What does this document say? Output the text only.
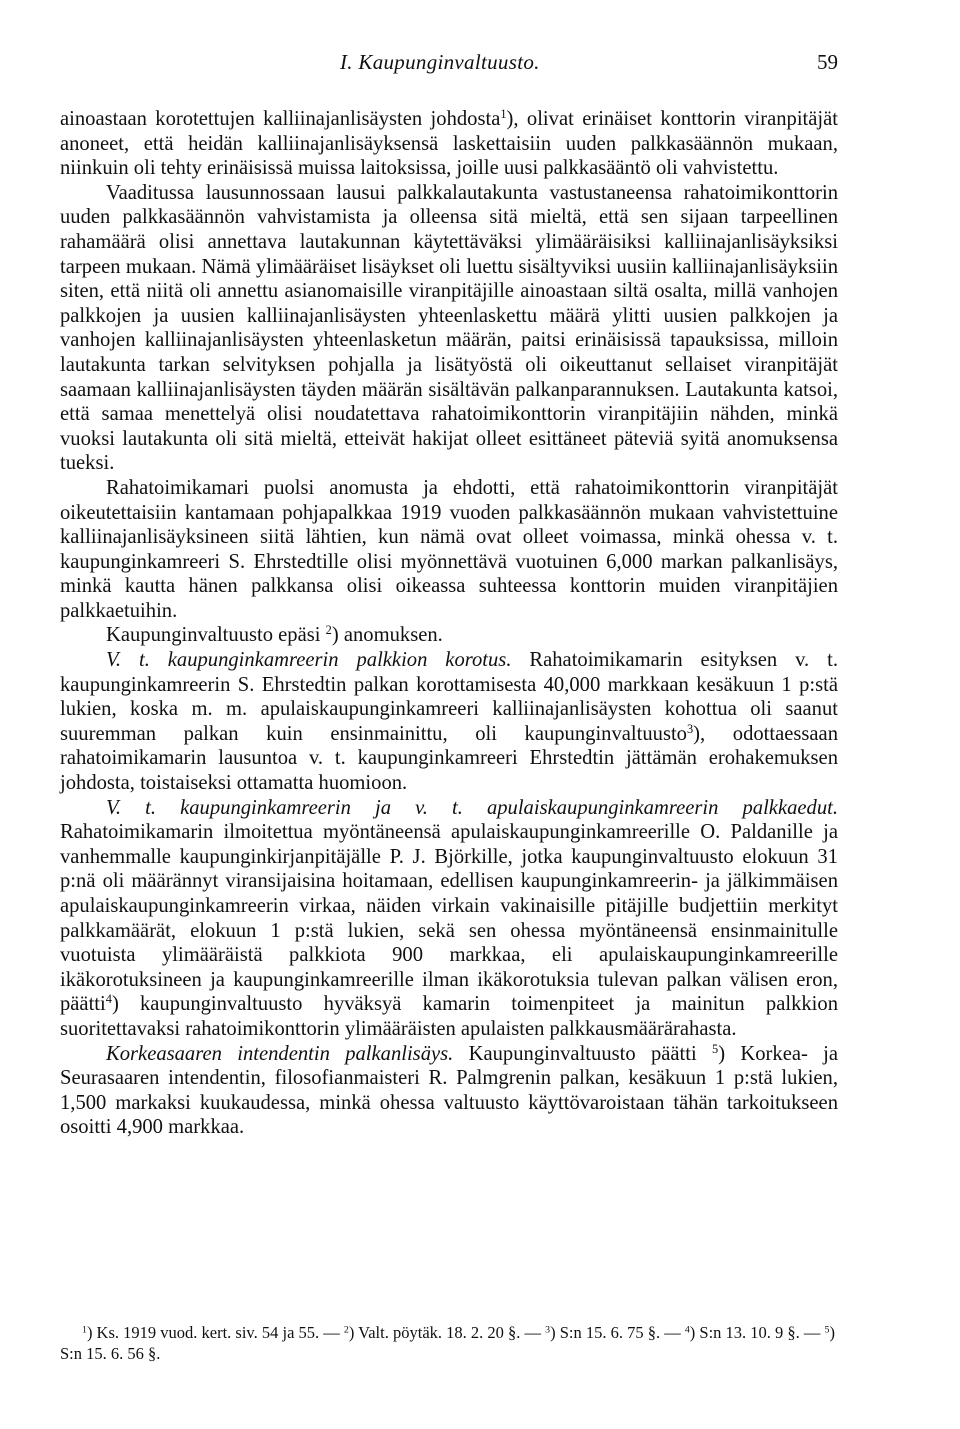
I. Kaupunginvaltuusto.	59

ainoastaan korotettujen kalliinajanlisäysten johdosta$^1$), olivat erinäiset konttorin viranpitäjät anoneet, että heidän kalliinajanlisäyksensä laskettaisiin uuden palkkasäännön mukaan, niinkuin oli tehty erinäisissä muissa laitoksissa, joille uusi palkkasääntö oli vahvistettu.

Vaaditussa lausunnossaan lausui palkkalautakunta vastustaneensa rahatoimikonttorin uuden palkkasäännön vahvistamista ja olleensa sitä mieltä, että sen sijaan tarpeellinen rahamäärä olisi annettava lautakunnan käytettäväksi ylimääräisiksi kalliinajanlisäyksiksi tarpeen mukaan. Nämä ylimääräiset lisäykset oli luettu sisältyviksi uusiin kalliinajanlisäyksiin siten, että niitä oli annettu asianomaisille viranpitäjille ainoastaan siltä osalta, millä vanhojen palkkojen ja uusien kalliinajanlisäysten yhteenlaskettu määrä ylitti uusien palkkojen ja vanhojen kalliinajanlisäysten yhteenlasketun määrän, paitsi erinäisissä tapauksissa, milloin lautakunta tarkan selvityksen pohjalla ja lisätyöstä oli oikeuttanut sellaiset viranpitäjät saamaan kalliinajanlisäysten täyden määrän sisältävän palkanparannuksen. Lautakunta katsoi, että samaa menettelyä olisi noudatettava rahatoimikonttorin viranpitäjiin nähden, minkä vuoksi lautakunta oli sitä mieltä, etteivät hakijat olleet esittäneet päteviä syitä anomuksensa tueksi.

Rahatoimikamari puolsi anomusta ja ehdotti, että rahatoimikonttorin viranpitäjät oikeutettaisiin kantamaan pohjapalkkaa 1919 vuoden palkkasäännön mukaan vahvistettuine kalliinajanlisäyksineen siitä lähtien, kun nämä ovat olleet voimassa, minkä ohessa v. t. kaupunginkamreeri S. Ehrstedtille olisi myönnettävä vuotuinen 6,000 markan palkanlisäys, minkä kautta hänen palkkansa olisi oikeassa suhteessa konttorin muiden viranpitäjien palkkaetuihin.

Kaupunginvaltuusto epäsi $^2$) anomuksen.

V. t. kaupunginkamreerin palkkion korotus. Rahatoimikamarin esityksen v. t. kaupunginkamreerin S. Ehrstedtin palkan korottamisesta 40,000 markkaan kesäkuun 1 p:stä lukien, koska m. m. apulaiskaupunginkamreeri kalliinajanlisäysten kohottua oli saanut suuremman palkan kuin ensinmainittu, oli kaupunginvaltuusto$^3$), odottaessaan rahatoimikamarin lausuntoa v. t. kaupunginkamreeri Ehrstedtin jättämän erohakemuksen johdosta, toistaiseksi ottamatta huomioon.

V. t. kaupunginkamreerin ja v. t. apulaiskaupunginkamreerin palkkaedut. Rahatoimikamarin ilmoitettua myöntäneensä apulaiskaupunginkamreerille O. Paldanille ja vanhemmalle kaupunginkirjanpitäjälle P. J. Björkille, jotka kaupunginvaltuusto elokuun 31 p:nä oli määrännyt viransijaisina hoitamaan, edellisen kaupunginkamreerin- ja jälkimmäisen apulaiskaupunginkamreerin virkaa, näiden virkain vakinaisille pitäjille budjettiin merkityt palkkamäärät, elokuun 1 p:stä lukien, sekä sen ohessa myöntäneensä ensinmainitulle vuotuista ylimääräistä palkkiota 900 markkaa, eli apulaiskaupunginkamreerille ikäkorotuksineen ja kaupunginkamreerille ilman ikäkorotuksia tulevan palkan välisen eron, päätti$^4$) kaupunginvaltuusto hyväksyä kamarin toimenpiteet ja mainitun palkkion suoritettavaksi rahatoimikonttorin ylimääräisten apulaisten palkkausmäärärahasta.

Korkeasaaren intendentin palkanlisäys. Kaupunginvaltuusto päätti $^5$) Korkea- ja Seurasaaren intendentin, filosofianmaisteri R. Palmgrenin palkan, kesäkuun 1 p:stä lukien, 1,500 markaksi kuukaudessa, minkä ohessa valtuusto käyttövaroistaan tähän tarkoitukseen osoitti 4,900 markkaa.

$^1$) Ks. 1919 vuod. kert. siv. 54 ja 55. — $^2$) Valt. pöytäk. 18. 2. 20 §. — $^3$) S:n 15. 6. 75 §. — $^4$) S:n 13. 10. 9 §. — $^5$) S:n 15. 6. 56 §.
